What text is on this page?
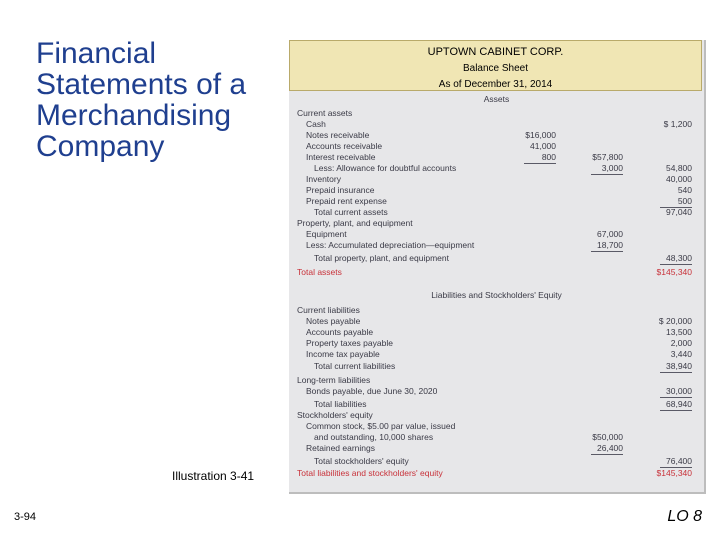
Financial Statements of a Merchandising Company
UPTOWN CABINET CORP.
Balance Sheet
As of December 31, 2014
Assets
Liabilities and Stockholders' Equity
Current assets
Cash	$ 1,200
Notes receivable	$16,000
Accounts receivable	41,000
Interest receivable	800	$57,800
Less: Allowance for doubtful accounts	3,000	54,800
Inventory	40,000
Prepaid insurance	540
Prepaid rent expense	500
Total current assets	97,040
Property, plant, and equipment
Equipment	67,000
Less: Accumulated depreciation—equipment	18,700
Total property, plant, and equipment	48,300
Total assets	$145,340
Current liabilities
Notes payable	$ 20,000
Accounts payable	13,500
Property taxes payable	2,000
Income tax payable	3,440
Total current liabilities	38,940
Long-term liabilities
Bonds payable, due June 30, 2020	30,000
Total liabilities	68,940
Stockholders' equity
Common stock, $5.00 par value, issued
and outstanding, 10,000 shares	$50,000
Retained earnings	26,400
Total stockholders' equity	76,400
Total liabilities and stockholders' equity	$145,340
Illustration 3-41
3-94	LO 8
